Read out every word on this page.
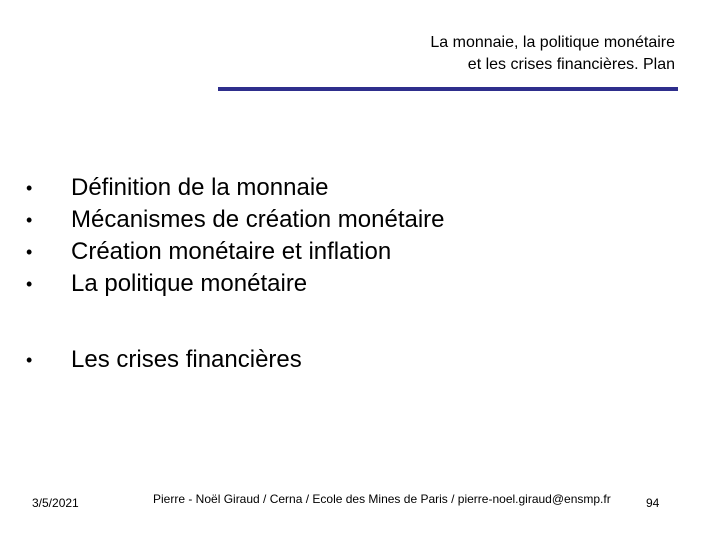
La monnaie, la politique monétaire
et les crises financières. Plan
• Définition de la monnaie
• Mécanismes de création monétaire
• Création monétaire et inflation
• La politique monétaire
• Les crises financières
3/5/2021	Pierre - Noël Giraud / Cerna / Ecole des Mines de Paris / pierre-noel.giraud@ensmp.fr	94
